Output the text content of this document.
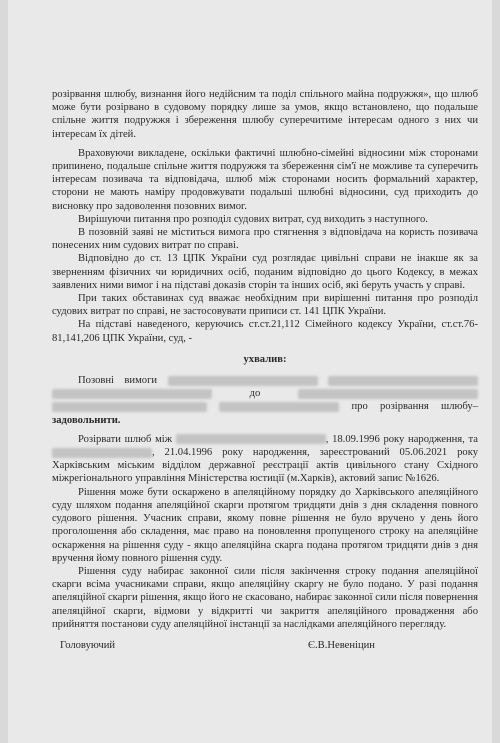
розірвання шлюбу, визнання його недійсним та поділ спільного майна подружжя», що шлюб може бути розірвано в судовому порядку лише за умов, якщо встановлено, що подальше спільне життя подружжя і збереження шлюбу суперечитиме інтересам одного з них чи інтересам їх дітей.

Враховуючи викладене, оскільки фактичні шлюбно-сімейні відносини між сторонами припинено, подальше спільне життя подружжя та збереження сім'ї не можливе та суперечить інтересам позивача та відповідача, шлюб між сторонами носить формальний характер, сторони не мають наміру продовжувати подальші шлюбні відносини, суд приходить до висновку про задоволення позовних вимог.

Вирішуючи питання про розподіл судових витрат, суд виходить з наступного.

В позовній заяві не міститься вимога про стягнення з відповідача на користь позивача понесених ним судових витрат по справі.

Відповідно до ст. 13 ЦПК України суд розглядає цивільні справи не інакше як за зверненням фізичних чи юридичних осіб, поданим відповідно до цього Кодексу, в межах заявлених ними вимог і на підставі доказів сторін та інших осіб, які беруть участь у справі.

При таких обставинах суд вважає необхідним при вирішенні питання про розподіл судових витрат по справі, не застосовувати приписи ст. 141 ЦПК України.

На підставі наведеного, керуючись ст.ст.21,112 Сімейного кодексу України, ст.ст.76-81,141,206 ЦПК України, суд, -

ухвалив:

Позовні вимоги    до    про розірвання шлюбу– задовольнити.

Розірвати шлюб між	, 18.09.1996 року народження, та , 21.04.1996 року народження, зареєстрований 05.06.2021 року Харківським міським відділом державної реєстрації актів цивільного стану Східного міжрегіонального управління Міністерства юстиції (м.Харків), актовий запис №1626.

Рішення може бути оскаржено в апеляційному порядку до Харківського апеляційного суду шляхом подання апеляційної скарги протягом тридцяти днів з дня складення повного судового рішення. Учасник справи, якому повне рішення не було вручено у день його проголошення або складення, має право на поновлення пропущеного строку на апеляційне оскарження на рішення суду - якщо апеляційна скарга подана протягом тридцяти днів з дня вручення йому повного рішення суду.

Рішення суду набирає законної сили після закінчення строку подання апеляційної скарги всіма учасниками справи, якщо апеляційну скаргу не було подано. У разі подання апеляційної скарги рішення, якщо його не скасовано, набирає законної сили після повернення апеляційної скарги, відмови у відкритті чи закриття апеляційного провадження або прийняття постанови суду апеляційної інстанції за наслідками апеляційного перегляду.

Головуючий	Є.В.Невеніцин
